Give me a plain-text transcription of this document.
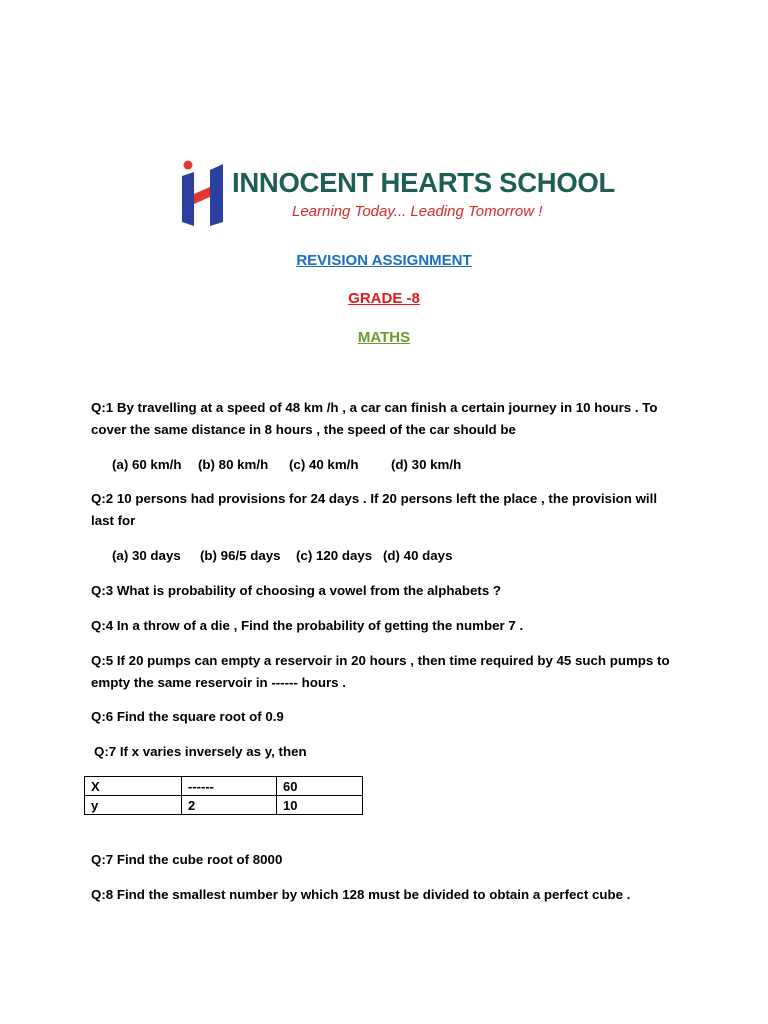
INNOCENT HEARTS SCHOOL
Learning Today... Leading Tomorrow !
REVISION ASSIGNMENT
GRADE -8
MATHS
Q:1 By travelling at a speed of 48 km /h , a car can finish a certain journey in 10 hours . To
cover the same distance in 8 hours , the speed of the car should be
(a) 60 km/h (b) 80 km/h (c) 40 km/h (d) 30 km/h
Q:2 10 persons had provisions for 24 days . If 20 persons left the place , the provision will
last for
(a) 30 days (b) 96/5 days (c) 120 days (d) 40 days
Q:3 What is probability of choosing a vowel from the alphabets ?
Q:4 In a throw of a die , Find the probability of getting the number 7 .
Q:5 If 20 pumps can empty a reservoir in 20 hours , then time required by 45 such pumps to
empty the same reservoir in ------ hours .
Q:6 Find the square root of 0.9
Q:7 If x varies inversely as y, then
X	------	60
y	2	10
Q:7 Find the cube root of 8000
Q:8 Find the smallest number by which 128 must be divided to obtain a perfect cube .
